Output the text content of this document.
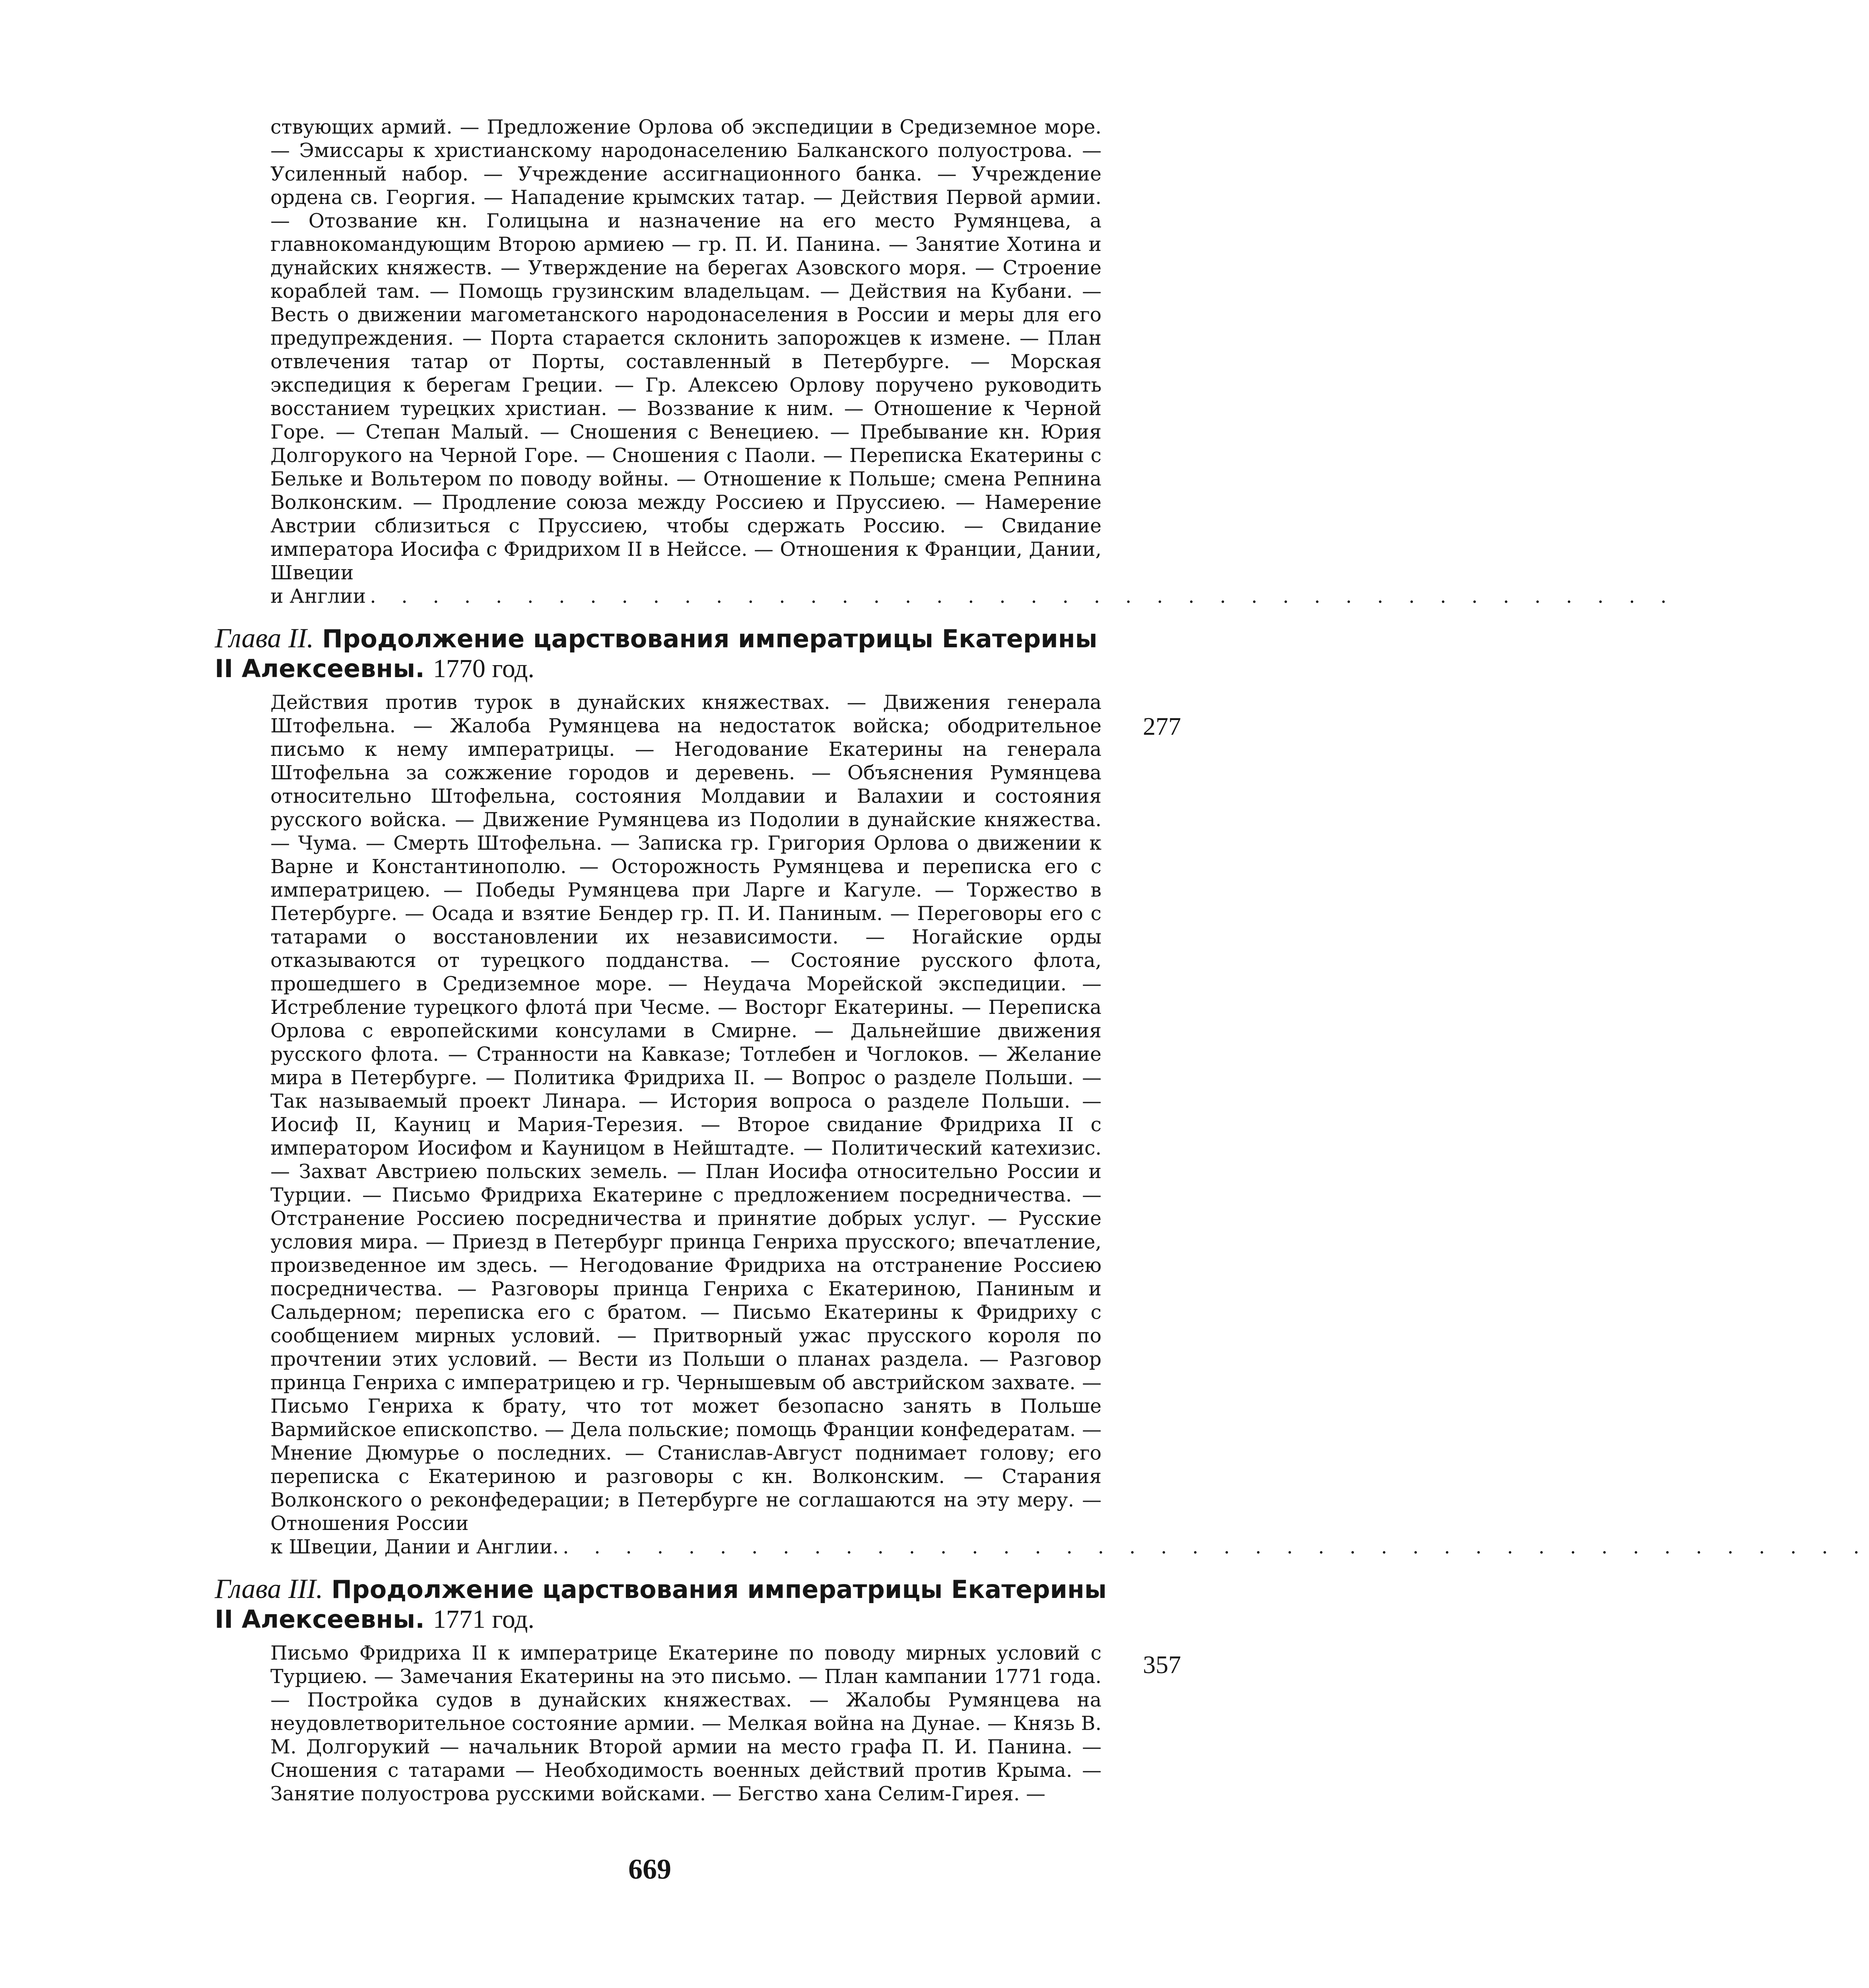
ствующих армий. — Предложение Орлова об экспедиции в Средиземное море. — Эмиссары к христианскому народонаселению Балканского полуострова. — Усиленный набор. — Учреждение ассигнационного банка. — Учреждение ордена св. Георгия. — Нападение крымских татар. — Действия Первой армии. — Отозвание кн. Голицына и назначение на его место Румянцева, а главнокомандующим Второю армиею — гр. П. И. Панина. — Занятие Хотина и дунайских княжеств. — Утверждение на берегах Азовского моря. — Строение кораблей там. — Помощь грузинским владельцам. — Действия на Кубани. — Весть о движении магометанского народонаселения в России и меры для его предупреждения. — Порта старается склонить запорожцев к измене. — План отвлечения татар от Порты, составленный в Петербурге. — Морская экспедиция к берегам Греции. — Гр. Алексею Орлову поручено руководить восстанием турецких христиан. — Воззвание к ним. — Отношение к Черной Горе. — Степан Малый. — Сношения с Венециею. — Пребывание кн. Юрия Долгорукого на Черной Горе. — Сношения с Паоли. — Переписка Екатерины с Бельке и Вольтером по поводу войны. — Отношение к Польше; смена Репнина Волконским. — Продление союза между Россиею и Пруссиею. — Намерение Австрии сблизиться с Пруссиею, чтобы сдержать Россию. — Свидание императора Иосифа с Фридрихом II в Нейссе. — Отношения к Франции, Дании, Швеции

и Англии . . . . . . . . . . . . . . . . . . . . . . . . . . . . . . . . . . . . . . . . . .
277
Глава II. Продолжение царствования императрицы Екатерины II Алексеевны. 1770 год.

Действия против турок в дунайских княжествах. — Движения генерала Штофельна. — Жалоба Румянцева на недостаток войска; ободрительное письмо к нему императрицы. — Негодование Екатерины на генерала Штофельна за сожжение городов и деревень. — Объяснения Румянцева относительно Штофельна, состояния Молдавии и Валахии и состояния русского войска. — Движение Румянцева из Подолии в дунайские княжества. — Чума. — Смерть Штофельна. — Записка гр. Григория Орлова о движении к Варне и Константинополю. — Осторожность Румянцева и переписка его с императрицею. — Победы Румянцева при Ларге и Кагуле. — Торжество в Петербурге. — Осада и взятие Бендер гр. П. И. Паниным. — Переговоры его с татарами о восстановлении их независимости. — Ногайские орды отказываются от турецкого подданства. — Состояние русского флота, прошедшего в Средиземное море. — Неудача Морейской экспедиции. — Истребление турецкого флота́ при Чесме. — Восторг Екатерины. — Переписка Орлова с европейскими консулами в Смирне. — Дальнейшие движения русского флота. — Странности на Кавказе; Тотлебен и Чоглоков. — Желание мира в Петербурге. — Политика Фридриха II. — Вопрос о разделе Польши. — Так называемый проект Линара. — История вопроса о разделе Польши. — Иосиф II, Кауниц и Мария-Терезия. — Второе свидание Фридриха II с императором Иосифом и Кауницом в Нейштадте. — Политический катехизис. — Захват Австриею польских земель. — План Иосифа относительно России и Турции. — Письмо Фридриха Екатерине с предложением посредничества. — Отстранение Россиею посредничества и принятие добрых услуг. — Русские условия мира. — Приезд в Петербург принца Генриха прусского; впечатление, произведенное им здесь. — Негодование Фридриха на отстранение Россиею посредничества. — Разговоры принца Генриха с Екатериною, Паниным и Сальдерном; переписка его с братом. — Письмо Екатерины к Фридриху с сообщением мирных условий. — Притворный ужас прусского короля по прочтении этих условий. — Вести из Польши о планах раздела. — Разговор принца Генриха с императрицею и гр. Чернышевым об австрийском захвате. — Письмо Генриха к брату, что тот может безопасно занять в Польше Вармийское епископство. — Дела польские; помощь Франции конфедератам. — Мнение Дюмурье о последних. — Станислав-Август поднимает голову; его переписка с Екатериною и разговоры с кн. Волконским. — Старания Волконского о реконфедерации; в Петербурге не соглашаются на эту меру. — Отношения России

к Швеции, Дании и Англии. . . . . . . . . . . . . . . . . . . . . . . . . . . . . . . . . . . . . . . . . . .
357
Глава III. Продолжение царствования императрицы Екатерины II Алексеевны. 1771 год.

Письмо Фридриха II к императрице Екатерине по поводу мирных условий с Турциею. — Замечания Екатерины на это письмо. — План кампании 1771 года. — Постройка судов в дунайских княжествах. — Жалобы Румянцева на неудовлетворительное состояние армии. — Мелкая война на Дунае. — Князь В. М. Долгорукий — начальник Второй армии на место графа П. И. Панина. — Сношения с татарами — Необходимость военных действий против Крыма. — Занятие полуострова русскими войсками. — Бегство хана Селим-Гирея. —

669
